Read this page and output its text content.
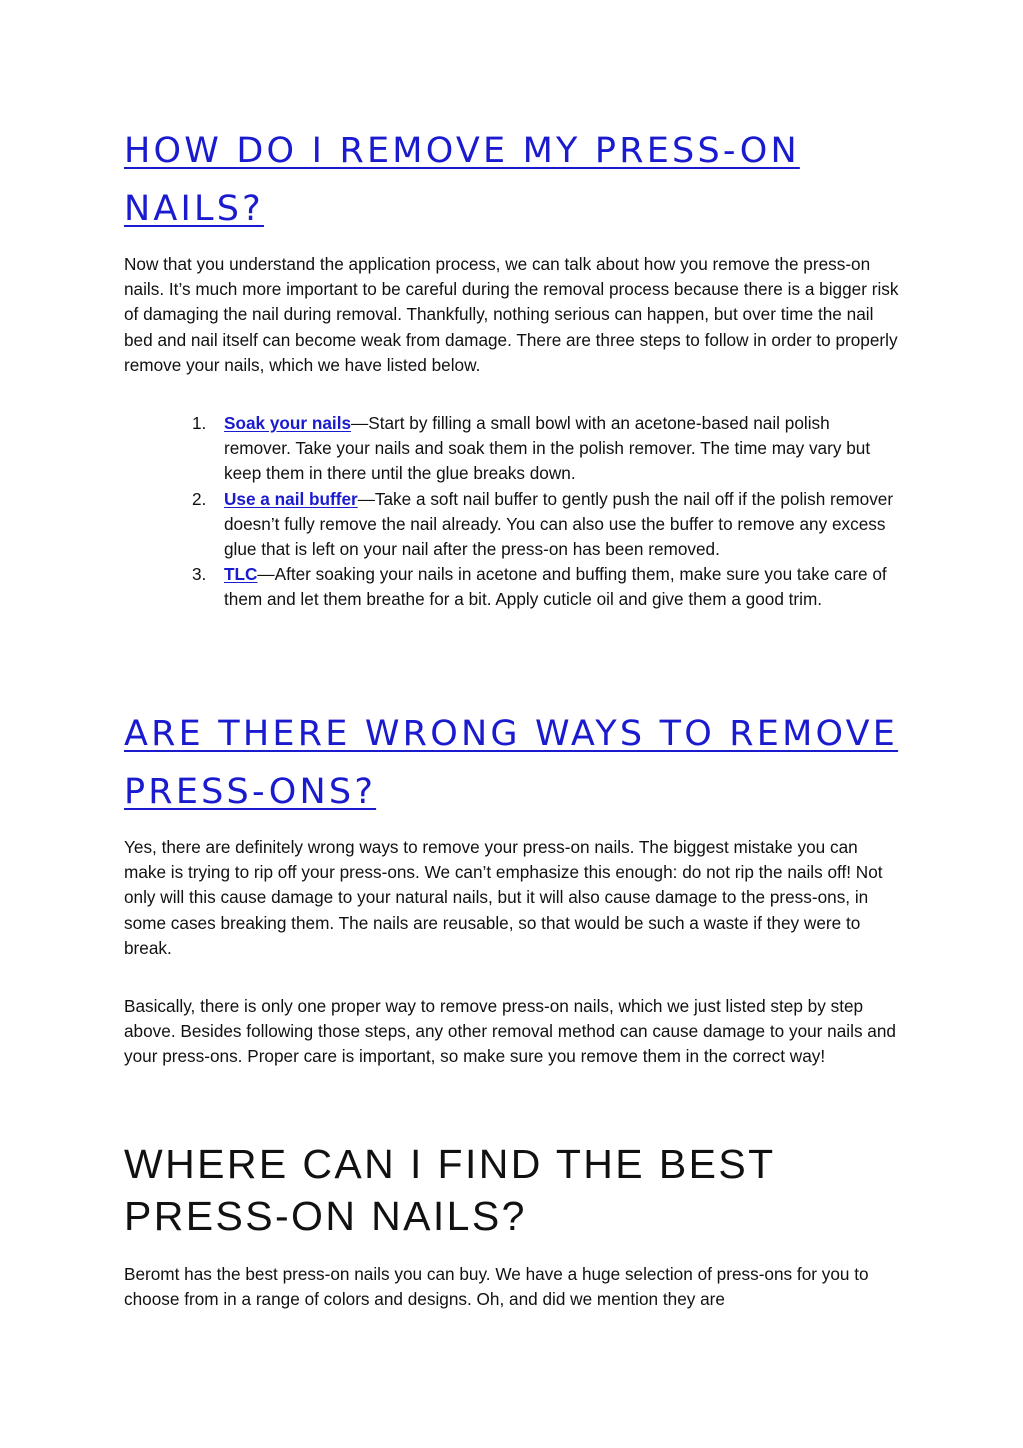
HOW DO I REMOVE MY PRESS-ON
NAILS?

Now that you understand the application process, we can talk about how you remove the press-on nails. It’s much more important to be careful during the removal process because there is a bigger risk of damaging the nail during removal. Thankfully, nothing serious can happen, but over time the nail bed and nail itself can become weak from damage. There are three steps to follow in order to properly remove your nails, which we have listed below.

1. Soak your nails—Start by filling a small bowl with an acetone-based nail polish remover. Take your nails and soak them in the polish remover. The time may vary but keep them in there until the glue breaks down.
2. Use a nail buffer—Take a soft nail buffer to gently push the nail off if the polish remover doesn’t fully remove the nail already. You can also use the buffer to remove any excess glue that is left on your nail after the press-on has been removed.
3. TLC—After soaking your nails in acetone and buffing them, make sure you take care of them and let them breathe for a bit. Apply cuticle oil and give them a good trim.
ARE THERE WRONG WAYS TO REMOVE
PRESS-ONS?

Yes, there are definitely wrong ways to remove your press-on nails. The biggest mistake you can make is trying to rip off your press-ons. We can’t emphasize this enough: do not rip the nails off! Not only will this cause damage to your natural nails, but it will also cause damage to the press-ons, in some cases breaking them. The nails are reusable, so that would be such a waste if they were to break.

Basically, there is only one proper way to remove press-on nails, which we just listed step by step above. Besides following those steps, any other removal method can cause damage to your nails and your press-ons. Proper care is important, so make sure you remove them in the correct way!

WHERE CAN I FIND THE BEST
PRESS-ON NAILS?

Beromt has the best press-on nails you can buy. We have a huge selection of press-ons for you to choose from in a range of colors and designs. Oh, and did we mention they are
